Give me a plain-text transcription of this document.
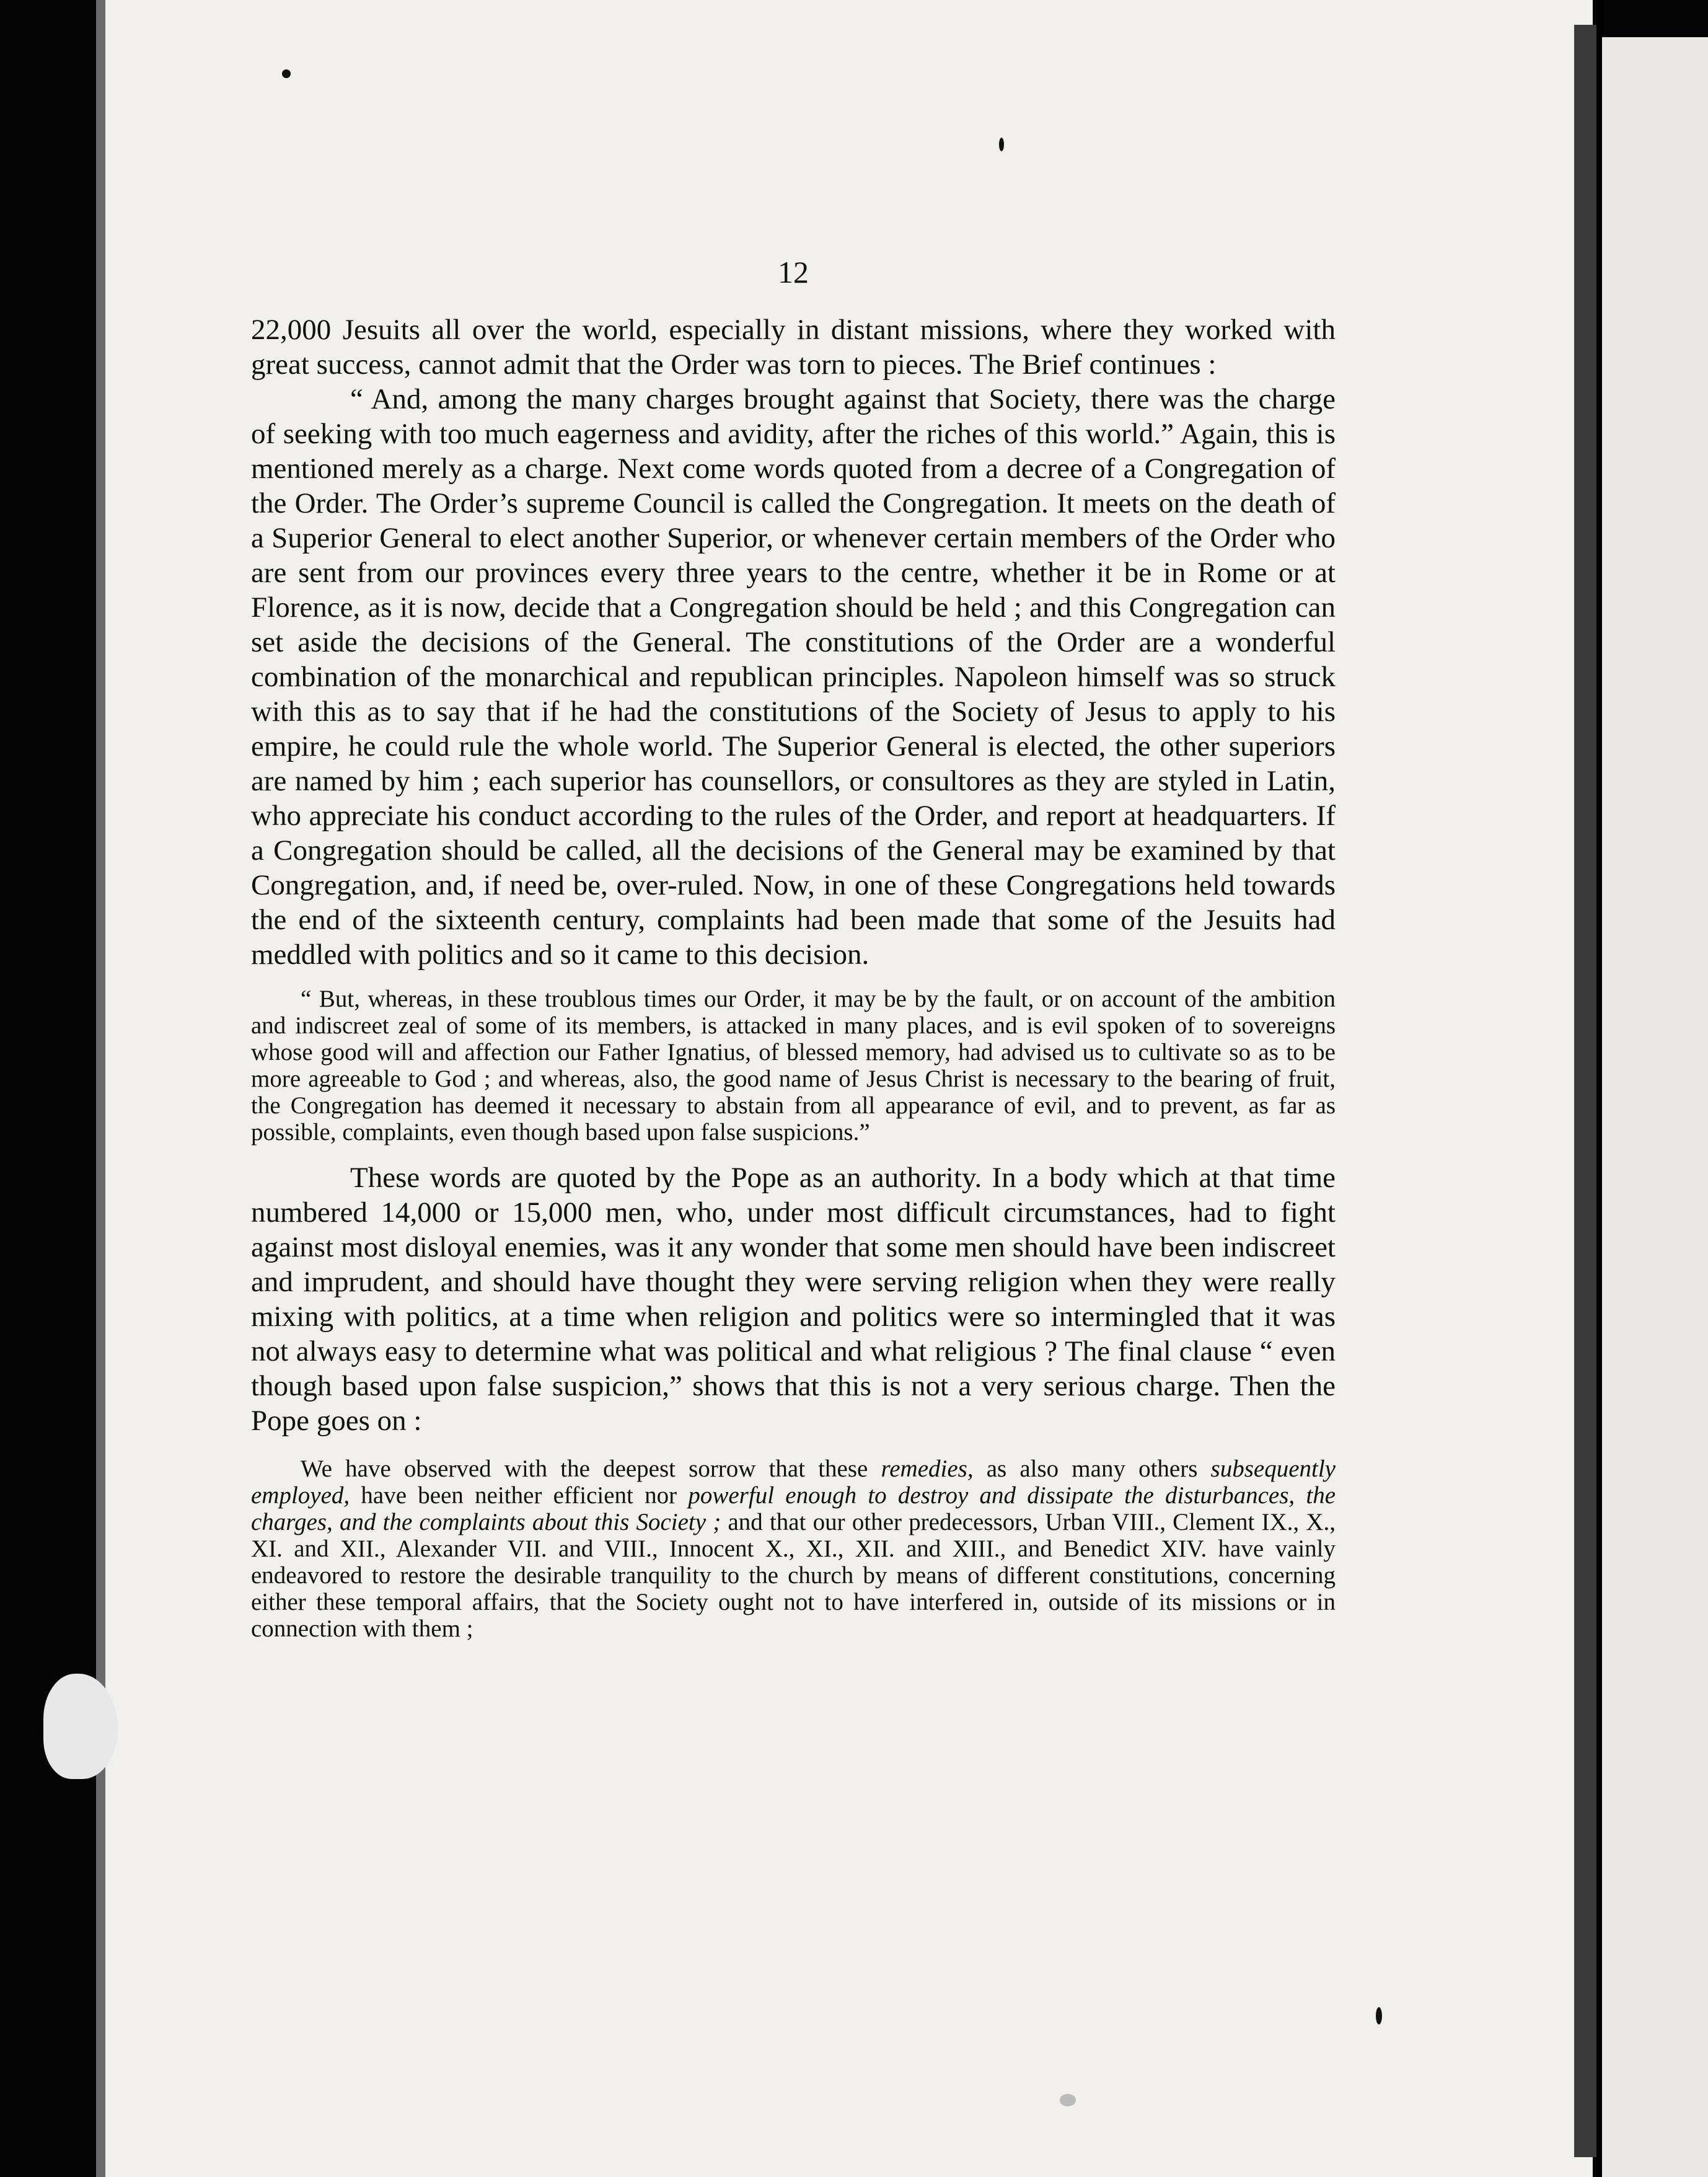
12

22,000 Jesuits all over the world, especially in distant missions, where they worked with great success, cannot admit that the Order was torn to pieces. The Brief continues :

“ And, among the many charges brought against that Society, there was the charge of seeking with too much eagerness and avidity, after the riches of this world.” Again, this is mentioned merely as a charge. Next come words quoted from a decree of a Congregation of the Order. The Order’s supreme Council is called the Congregation. It meets on the death of a Superior General to elect another Superior, or whenever certain members of the Order who are sent from our provinces every three years to the centre, whether it be in Rome or at Florence, as it is now, decide that a Congregation should be held ; and this Congregation can set aside the decisions of the General. The constitutions of the Order are a wonderful combination of the monarchical and republican principles. Napoleon himself was so struck with this as to say that if he had the constitutions of the Society of Jesus to apply to his empire, he could rule the whole world. The Superior General is elected, the other superiors are named by him ; each superior has counsellors, or consultores as they are styled in Latin, who appreciate his conduct according to the rules of the Order, and report at headquarters. If a Congregation should be called, all the decisions of the General may be examined by that Congregation, and, if need be, over-ruled. Now, in one of these Congregations held towards the end of the sixteenth century, complaints had been made that some of the Jesuits had meddled with politics and so it came to this decision.

“ But, whereas, in these troublous times our Order, it may be by the fault, or on account of the ambition and indiscreet zeal of some of its members, is attacked in many places, and is evil spoken of to sovereigns whose good will and affection our Father Ignatius, of blessed memory, had advised us to cultivate so as to be more agreeable to God ; and whereas, also, the good name of Jesus Christ is necessary to the bearing of fruit, the Congregation has deemed it necessary to abstain from all appearance of evil, and to prevent, as far as possible, complaints, even though based upon false suspicions.”

These words are quoted by the Pope as an authority. In a body which at that time numbered 14,000 or 15,000 men, who, under most difficult circumstances, had to fight against most disloyal enemies, was it any wonder that some men should have been indiscreet and imprudent, and should have thought they were serving religion when they were really mixing with politics, at a time when religion and politics were so intermingled that it was not always easy to determine what was political and what religious ? The final clause “ even though based upon false suspicion,” shows that this is not a very serious charge. Then the Pope goes on :

We have observed with the deepest sorrow that these remedies, as also many others subsequently employed, have been neither efficient nor powerful enough to destroy and dissipate the disturbances, the charges, and the complaints about this Society ; and that our other predecessors, Urban VIII., Clement IX., X., XI. and XII., Alexander VII. and VIII., Innocent X., XI., XII. and XIII., and Benedict XIV. have vainly endeavored to restore the desirable tranquility to the church by means of different constitutions, concerning either these temporal affairs, that the Society ought not to have interfered in, outside of its missions or in connection with them ;
